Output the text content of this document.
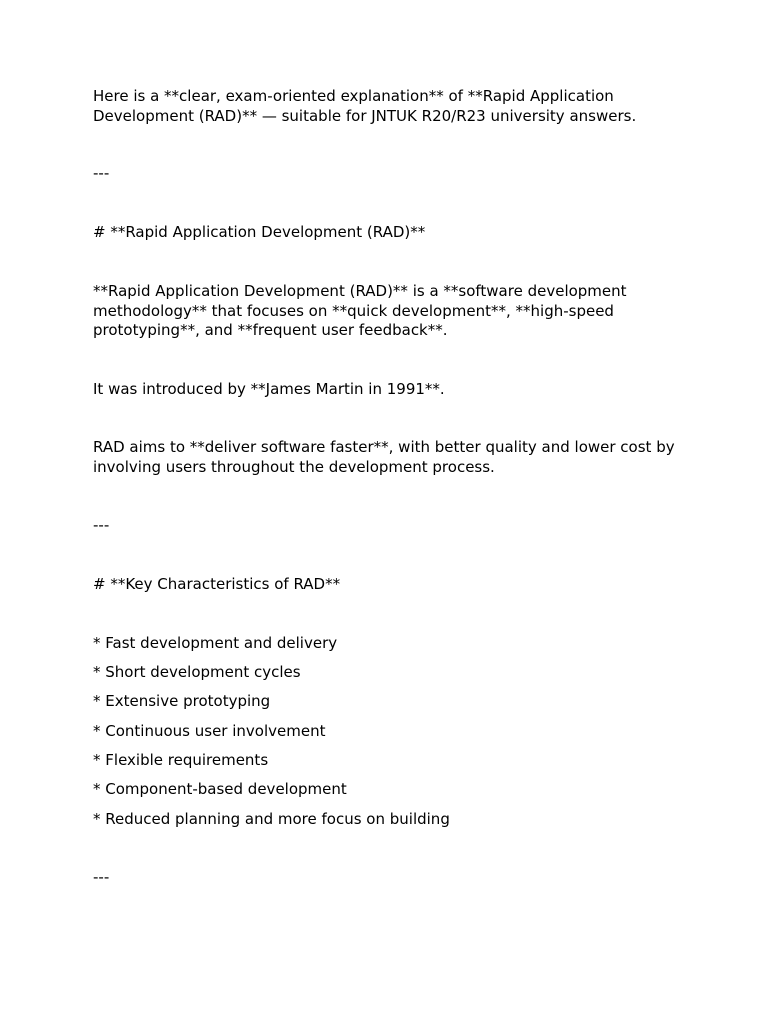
Here is a **clear, exam-oriented explanation** of **Rapid Application Development (RAD)** — suitable for JNTUK R20/R23 university answers.

---

# **Rapid Application Development (RAD)**

**Rapid Application Development (RAD)** is a **software development methodology** that focuses on **quick development**, **high-speed prototyping**, and **frequent user feedback**.

It was introduced by **James Martin in 1991**.

RAD aims to **deliver software faster**, with better quality and lower cost by involving users throughout the development process.

---

# **Key Characteristics of RAD**

* Fast development and delivery

* Short development cycles

* Extensive prototyping

* Continuous user involvement

* Flexible requirements

* Component-based development

* Reduced planning and more focus on building

---
